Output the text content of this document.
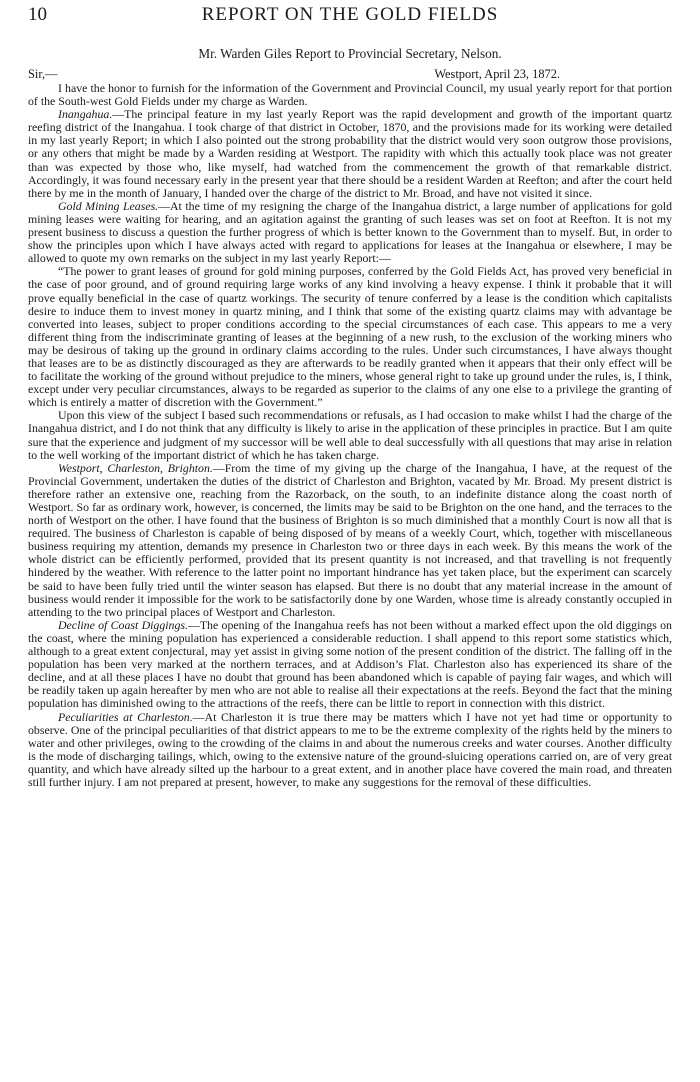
10	REPORT ON THE GOLD FIELDS
Mr. Warden Giles Report to Provincial Secretary, Nelson.
Sir,—	Westport, April 23, 1872.

I have the honor to furnish for the information of the Government and Provincial Council, my usual yearly report for that portion of the South-west Gold Fields under my charge as Warden.

Inangahua.—The principal feature in my last yearly Report was the rapid development and growth of the important quartz reefing district of the Inangahua. I took charge of that district in October, 1870, and the provisions made for its working were detailed in my last yearly Report; in which I also pointed out the strong probability that the district would very soon outgrow those provisions, or any others that might be made by a Warden residing at Westport. The rapidity with which this actually took place was not greater than was expected by those who, like myself, had watched from the commencement the growth of that remarkable district. Accordingly, it was found necessary early in the present year that there should be a resident Warden at Reefton; and after the court held there by me in the month of January, I handed over the charge of the district to Mr. Broad, and have not visited it since.

Gold Mining Leases.—At the time of my resigning the charge of the Inangahua district, a large number of applications for gold mining leases were waiting for hearing, and an agitation against the granting of such leases was set on foot at Reefton. It is not my present business to discuss a question the further progress of which is better known to the Government than to myself. But, in order to show the principles upon which I have always acted with regard to applications for leases at the Inangahua or elsewhere, I may be allowed to quote my own remarks on the subject in my last yearly Report:—

“The power to grant leases of ground for gold mining purposes, conferred by the Gold Fields Act, has proved very beneficial in the case of poor ground, and of ground requiring large works of any kind involving a heavy expense. I think it probable that it will prove equally beneficial in the case of quartz workings. The security of tenure conferred by a lease is the condition which capitalists desire to induce them to invest money in quartz mining, and I think that some of the existing quartz claims may with advantage be converted into leases, subject to proper conditions according to the special circumstances of each case. This appears to me a very different thing from the indiscriminate granting of leases at the beginning of a new rush, to the exclusion of the working miners who may be desirous of taking up the ground in ordinary claims according to the rules. Under such circumstances, I have always thought that leases are to be as distinctly discouraged as they are afterwards to be readily granted when it appears that their only effect will be to facilitate the working of the ground without prejudice to the miners, whose general right to take up ground under the rules, is, I think, except under very peculiar circumstances, always to be regarded as superior to the claims of any one else to a privilege the granting of which is entirely a matter of discretion with the Government.”

Upon this view of the subject I based such recommendations or refusals, as I had occasion to make whilst I had the charge of the Inangahua district, and I do not think that any difficulty is likely to arise in the application of these principles in practice. But I am quite sure that the experience and judgment of my successor will be well able to deal successfully with all questions that may arise in relation to the well working of the important district of which he has taken charge.

Westport, Charleston, Brighton.—From the time of my giving up the charge of the Inangahua, I have, at the request of the Provincial Government, undertaken the duties of the district of Charleston and Brighton, vacated by Mr. Broad. My present district is therefore rather an extensive one, reaching from the Razorback, on the south, to an indefinite distance along the coast north of Westport. So far as ordinary work, however, is concerned, the limits may be said to be Brighton on the one hand, and the terraces to the north of Westport on the other. I have found that the business of Brighton is so much diminished that a monthly Court is now all that is required. The business of Charleston is capable of being disposed of by means of a weekly Court, which, together with miscellaneous business requiring my attention, demands my presence in Charleston two or three days in each week. By this means the work of the whole district can be efficiently performed, provided that its present quantity is not increased, and that travelling is not frequently hindered by the weather. With reference to the latter point no important hindrance has yet taken place, but the experiment can scarcely be said to have been fully tried until the winter season has elapsed. But there is no doubt that any material increase in the amount of business would render it impossible for the work to be satisfactorily done by one Warden, whose time is already constantly occupied in attending to the two principal places of Westport and Charleston.

Decline of Coast Diggings.—The opening of the Inangahua reefs has not been without a marked effect upon the old diggings on the coast, where the mining population has experienced a considerable reduction. I shall append to this report some statistics which, although to a great extent conjectural, may yet assist in giving some notion of the present condition of the district. The falling off in the population has been very marked at the northern terraces, and at Addison’s Flat. Charleston also has experienced its share of the decline, and at all these places I have no doubt that ground has been abandoned which is capable of paying fair wages, and which will be readily taken up again hereafter by men who are not able to realise all their expectations at the reefs. Beyond the fact that the mining population has diminished owing to the attractions of the reefs, there can be little to report in connection with this district.

Peculiarities at Charleston.—At Charleston it is true there may be matters which I have not yet had time or opportunity to observe. One of the principal peculiarities of that district appears to me to be the extreme complexity of the rights held by the miners to water and other privileges, owing to the crowding of the claims in and about the numerous creeks and water courses. Another difficulty is the mode of discharging tailings, which, owing to the extensive nature of the ground-sluicing operations carried on, are of very great quantity, and which have already silted up the harbour to a great extent, and in another place have covered the main road, and threaten still further injury. I am not prepared at present, however, to make any suggestions for the removal of these difficulties.
